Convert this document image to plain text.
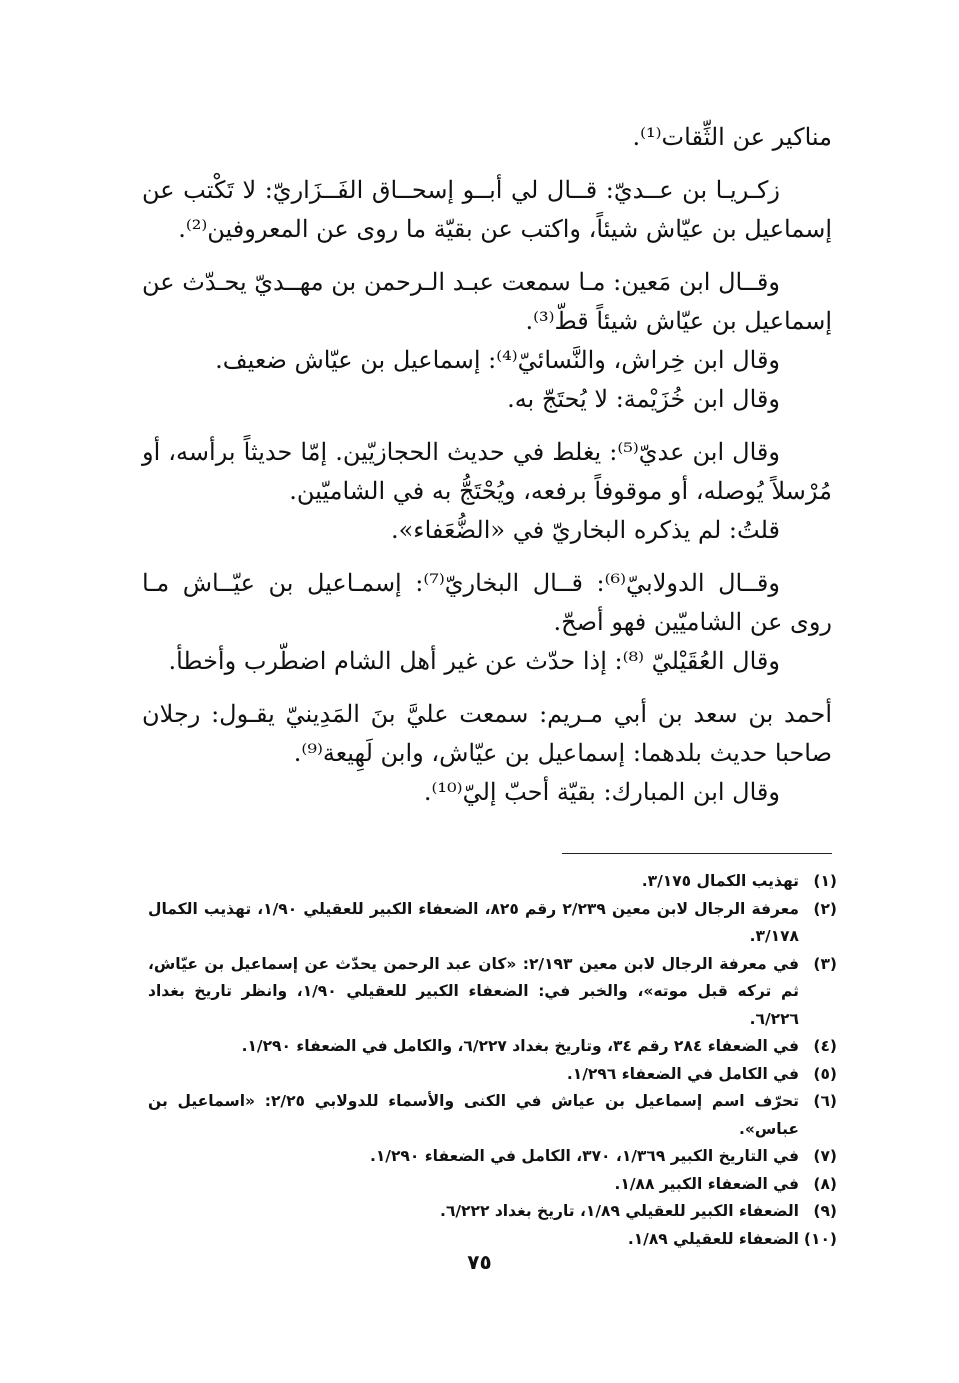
مناكير عن الثِّقات⁽¹⁾.

زكـريـا بن عــديّ: قــال لي أبــو إسحــاق الفَــزَاريّ: لا تَكْتب عن إسماعيل بن عيّاش شيئاً، واكتب عن بقيّة ما روى عن المعروفين⁽²⁾.

وقــال ابن مَعين: مـا سمعت عبـد الـرحمن بن مهــديّ يحـدّث عن إسماعيل بن عيّاش شيئاً قطّ⁽³⁾.

وقال ابن خِراش، والنَّسائيّ⁽⁴⁾: إسماعيل بن عيّاش ضعيف.

وقال ابن خُزَيْمة: لا يُحتَجّ به.

وقال ابن عديّ⁽⁵⁾: يغلط في حديث الحجازيّين. إمّا حديثاً برأسه، أو مُرْسلاً يُوصله، أو موقوفاً برفعه، ويُحْتَجُّ به في الشاميّين.

قلتُ: لم يذكره البخاريّ في «الضُّعَفاء».

وقــال الدولابيّ⁽⁶⁾: قــال البخاريّ⁽⁷⁾: إسمـاعيل بن عيّــاش مـا روى عن الشاميّين فهو أصحّ.

وقال العُقَيْليّ ⁽⁸⁾: إذا حدّث عن غير أهل الشام اضطّرب وأخطأ.

أحمد بن سعد بن أبي مـريم: سمعت عليَّ بنَ المَدِينيّ يقـول: رجلان صاحبا حديث بلدهما: إسماعيل بن عيّاش، وابن لَهِيعة⁽⁹⁾.

وقال ابن المبارك: بقيّة أحبّ إليّ⁽¹⁰⁾.

(١)
تهذيب الكمال ٣/١٧٥.
(٢)
معرفة الرجال لابن معين ٢/٢٣٩ رقم ٨٢٥، الضعفاء الكبير للعقيلي ١/٩٠، تهذيب الكمال ٣/١٧٨.
(٣)
في معرفة الرجال لابن معين ٢/١٩٣: «كان عبد الرحمن يحدّث عن إسماعيل بن عيّاش، ثم تركه قبل موته»، والخبر في: الضعفاء الكبير للعقيلي ١/٩٠، وانظر تاريخ بغداد ٦/٢٢٦.
(٤)
في الضعفاء ٢٨٤ رقم ٣٤، وتاريخ بغداد ٦/٢٢٧، والكامل في الضعفاء ١/٢٩٠.
(٥)
في الكامل في الضعفاء ١/٢٩٦.
(٦)
تحرّف اسم إسماعيل بن عياش في الكنى والأسماء للدولابي ٢/٢٥: «اسماعيل بن عباس».
(٧)
في التاريخ الكبير ١/٣٦٩، ٣٧٠، الكامل في الضعفاء ١/٢٩٠.
(٨)
في الضعفاء الكبير ١/٨٨.
(٩)
الضعفاء الكبير للعقيلي ١/٨٩، تاريخ بغداد ٦/٢٢٢.
(١٠)
الضعفاء للعقيلي ١/٨٩.
٧٥
